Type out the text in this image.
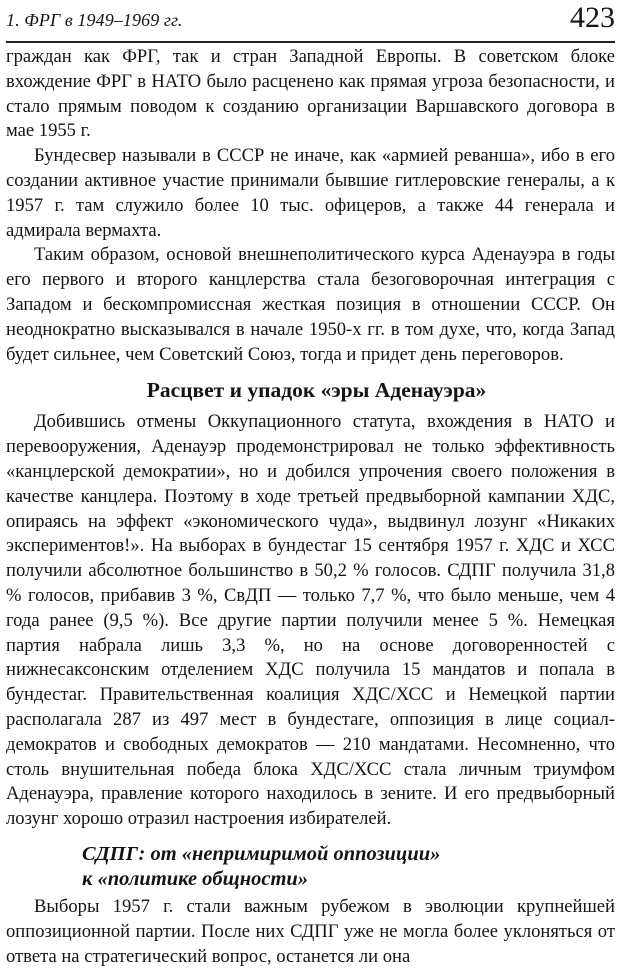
1. ФРГ в 1949–1969 гг.	423

граждан как ФРГ, так и стран Западной Европы. В советском блоке вхождение ФРГ в НАТО было расценено как прямая угроза безопасности, и стало прямым поводом к созданию организации Варшавского договора в мае 1955 г.

Бундесвер называли в СССР не иначе, как «армией реванша», ибо в его создании активное участие принимали бывшие гитлеровские генералы, а к 1957 г. там служило более 10 тыс. офицеров, а также 44 генерала и адмирала вермахта.

Таким образом, основой внешнеполитического курса Аденауэра в годы его первого и второго канцлерства стала безоговорочная интеграция с Западом и бескомпромиссная жесткая позиция в отношении СССР. Он неоднократно высказывался в начале 1950-х гг. в том духе, что, когда Запад будет сильнее, чем Советский Союз, тогда и придет день переговоров.

Расцвет и упадок «эры Аденауэра»

Добившись отмены Оккупационного статута, вхождения в НАТО и перевооружения, Аденауэр продемонстрировал не только эффективность «канцлерской демократии», но и добился упрочения своего положения в качестве канцлера. Поэтому в ходе третьей предвыборной кампании ХДС, опираясь на эффект «экономического чуда», выдвинул лозунг «Никаких экспериментов!». На выборах в бундестаг 15 сентября 1957 г. ХДС и ХСС получили абсолютное большинство в 50,2 % голосов. СДПГ получила 31,8 % голосов, прибавив 3 %, СвДП — только 7,7 %, что было меньше, чем 4 года ранее (9,5 %). Все другие партии получили менее 5 %. Немецкая партия набрала лишь 3,3 %, но на основе договоренностей с нижнесаксонским отделением ХДС получила 15 мандатов и попала в бундестаг. Правительственная коалиция ХДС/ХСС и Немецкой партии располагала 287 из 497 мест в бундестаге, оппозиция в лице социал-демократов и свободных демократов — 210 мандатами. Несомненно, что столь внушительная победа блока ХДС/ХСС стала личным триумфом Аденауэра, правление которого находилось в зените. И его предвыборный лозунг хорошо отразил настроения избирателей.

СДПГ: от «непримиримой оппозиции»
к «политике общности»

Выборы 1957 г. стали важным рубежом в эволюции крупнейшей оппозиционной партии. После них СДПГ уже не могла более уклоняться от ответа на стратегический вопрос, останется ли она
